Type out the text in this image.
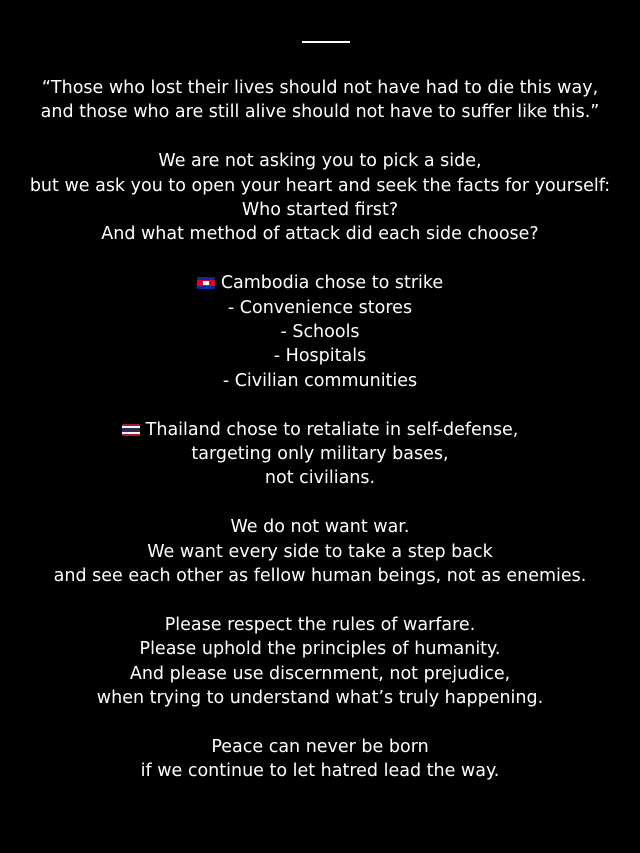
“Those who lost their lives should not have had to die this way,
and those who are still alive should not have to suffer like this.”
We are not asking you to pick a side,
but we ask you to open your heart and seek the facts for yourself:
Who started first?
And what method of attack did each side choose?
Cambodia chose to strike
- Convenience stores
- Schools
- Hospitals
- Civilian communities
Thailand chose to retaliate in self-defense,
targeting only military bases,
not civilians.
We do not want war.
We want every side to take a step back
and see each other as fellow human beings, not as enemies.
Please respect the rules of warfare.
Please uphold the principles of humanity.
And please use discernment, not prejudice,
when trying to understand what’s truly happening.
Peace can never be born
if we continue to let hatred lead the way.
